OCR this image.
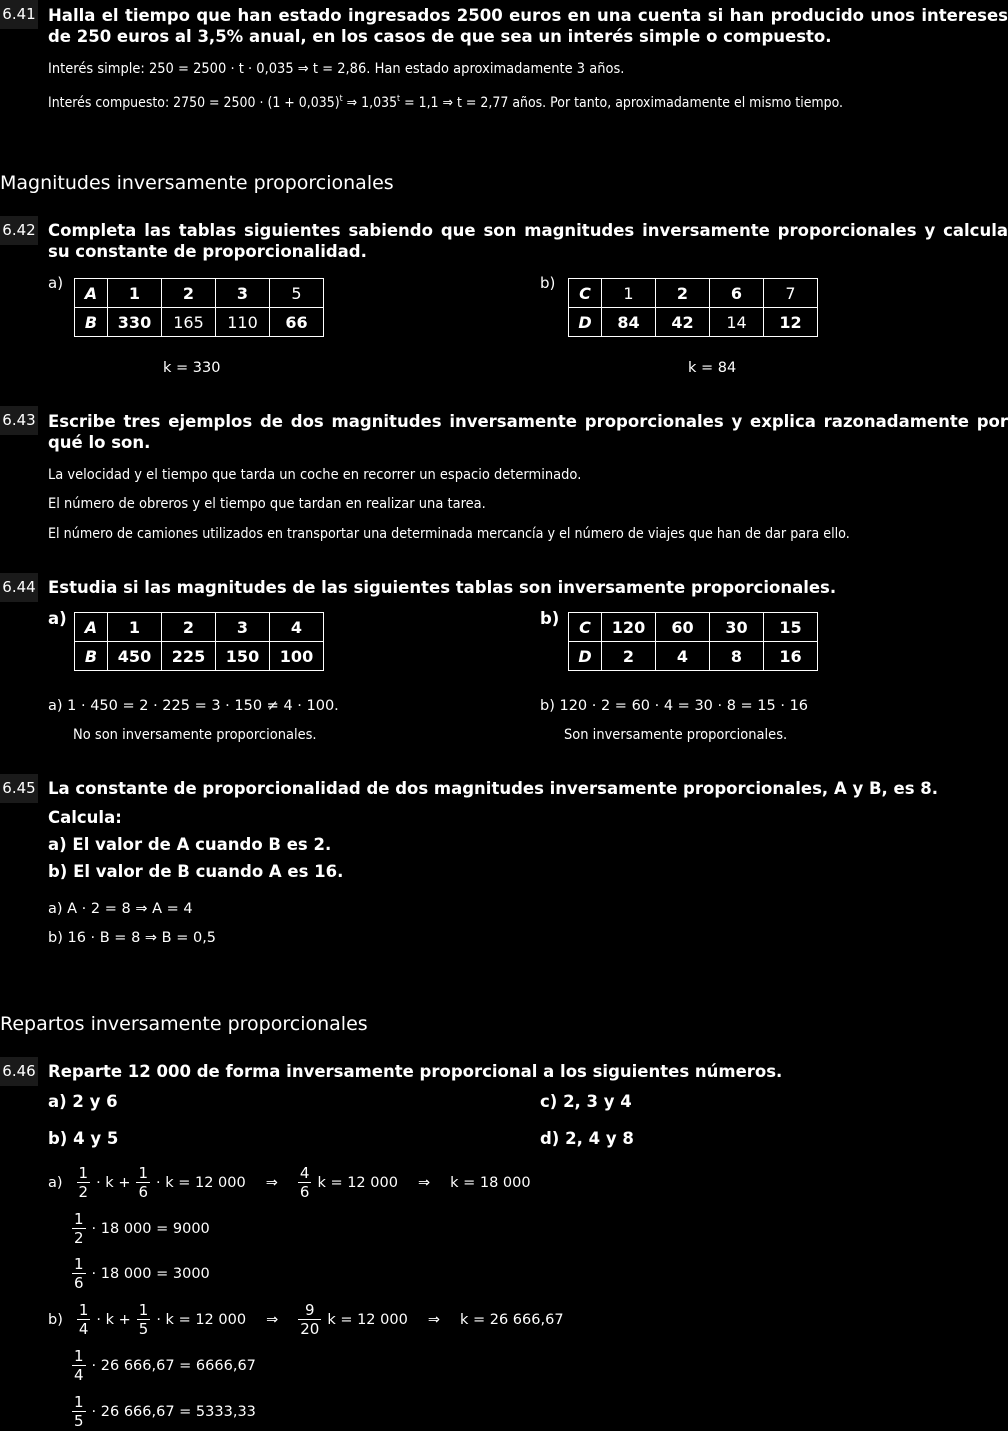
6.41 Halla el tiempo que han estado ingresados 2500 euros en una cuenta si han producido unos intereses de 250 euros al 3,5% anual, en los casos de que sea un interés simple o compuesto.
Interés simple: 250 = 2500 · t · 0,035 ⇒ t = 2,86. Han estado aproximadamente 3 años.
Interés compuesto: $2750 = 2500 \cdot (1 + 0,035)^t$ ⇒ $1,035^t = 1,1$ ⇒ t = 2,77 años. Por tanto, aproximadamente el mismo tiempo.
Magnitudes inversamente proporcionales
6.42 Completa las tablas siguientes sabiendo que son magnitudes inversamente proporcionales y calcula su constante de proporcionalidad.
a)
A	1	2	3	5
B	330	165	110	66
b)
C	1	2	6	7
D	84	42	14	12
k = 330	k = 84
6.43 Escribe tres ejemplos de dos magnitudes inversamente proporcionales y explica razonadamente por qué lo son.
La velocidad y el tiempo que tarda un coche en recorrer un espacio determinado.
El número de obreros y el tiempo que tardan en realizar una tarea.
El número de camiones utilizados en transportar una determinada mercancía y el número de viajes que han de dar para ello.
6.44 Estudia si las magnitudes de las siguientes tablas son inversamente proporcionales.
a) A	1	2	3	4
B	450	225	150	100
b) C	120	60	30	15
D	2	4	8	16
a) 1 · 450 = 2 · 225 = 3 · 150 ≠ 4 · 100.
No son inversamente proporcionales.
b) 120 · 2 = 60 · 4 = 30 · 8 = 15 · 16
Son inversamente proporcionales.
6.45 La constante de proporcionalidad de dos magnitudes inversamente proporcionales, A y B, es 8.
Calcula:
a) El valor de A cuando B es 2.
b) El valor de B cuando A es 16.
a) A · 2 = 8 ⇒ A = 4
b) 16 · B = 8 ⇒ B = 0,5
Repartos inversamente proporcionales
6.46 Reparte 12 000 de forma inversamente proporcional a los siguientes números.
a) 2 y 6	c) 2, 3 y 4
b) 4 y 5	d) 2, 4 y 8
$a) \frac{1}{2} \cdot k + \frac{1}{6} \cdot k = 12$ 000 ⇒ $\frac{4}{6}$ k = 12 000 ⇒ k = 18 000
$\frac{1}{2} \cdot 18$ 000 = 9000
$\frac{1}{6} \cdot 18$ 000 = 3000
$b) \frac{1}{4} \cdot k + \frac{1}{5} \cdot k = 12$ 000 ⇒ $\frac{9}{20}$ k = 12 000 ⇒ k = 26 666,67
$\frac{1}{4} \cdot 26$ 666,67 = 6666,67
$\frac{1}{5} \cdot 26$ 666,67 = 5333,33
